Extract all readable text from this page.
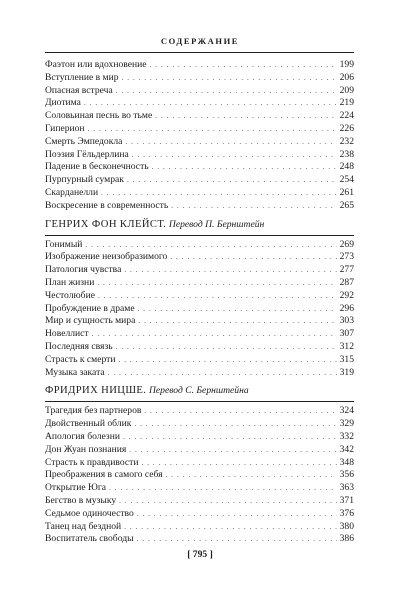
СОДЕРЖАНИЕ
Фаэтон или вдохновение . . .	199
Вступление в мир . . .	206
Опасная встреча . . .	209
Диотима . . .	219
Соловьиная песнь во тьме . . .	224
Гиперион . . .	226
Смерть Эмпедокла . . .	232
Поэзия Гёльдерлина . . .	238
Падение в бесконечность . . .	248
Пурпурный сумрак . . .	254
Скарданелли . . .	261
Воскресение в современность . . .	265
ГЕНРИХ ФОН КЛЕЙСТ. Перевод П. Бернштейн
Гонимый . . .	269
Изображение неизобразимого . . .	273
Патология чувства . . .	277
План жизни . . .	287
Честолюбие . . .	292
Пробуждение в драме . . .	296
Мир и сущность мира . . .	303
Новеллист . . .	307
Последняя связь . . .	312
Страсть к смерти . . .	315
Музыка заката . . .	319
ФРИДРИХ НИЦШЕ. Перевод С. Бернштейна
Трагедия без партнеров . . .	324
Двойственный облик . . .	329
Апология болезни . . .	332
Дон Жуан познания . . .	342
Страсть к правдивости . . .	348
Преображения в самого себя . . .	356
Открытие Юга . . .	363
Бегство в музыку . . .	371
Седьмое одиночество . . .	376
Танец над бездной . . .	380
Воспитатель свободы . . .	386
[ 795 ]
